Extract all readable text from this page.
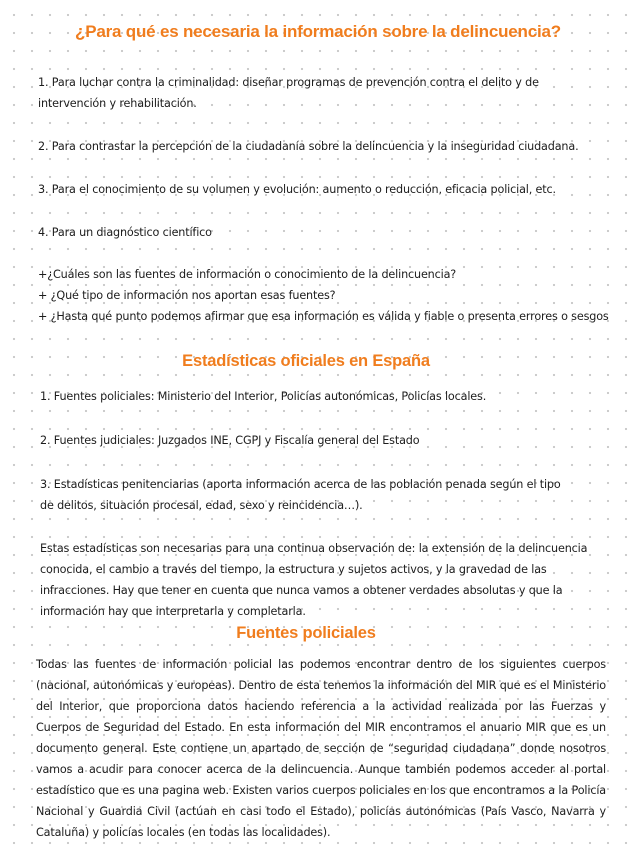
¿Para qué es necesaria la información sobre la delincuencia?

1. Para luchar contra la criminalidad: diseñar programas de prevención contra el delito y de intervención y rehabilitación.

2. Para contrastar la percepción de la ciudadanía sobre la delincuencia y la inseguridad ciudadana.

3. Para el conocimiento de su volumen y evolución: aumento o reducción, eficacia policial, etc.

4. Para un diagnóstico científico

+¿Cuáles son las fuentes de información o conocimiento de la delincuencia?
+ ¿Qué tipo de información nos aportan esas fuentes?
+ ¿Hasta qué punto podemos afirmar que esa información es válida y fiable o presenta errores o sesgos
Estadísticas oficiales en España

1. Fuentes policiales: Ministerio del Interior, Policías autonómicas, Policías locales.

2. Fuentes judiciales: Juzgados INE, CGPJ y Fiscalía general del Estado

3. Estadísticas penitenciarias (aporta información acerca de las población penada según el tipo de delitos, situación procesal, edad, sexo y reincidencia…).

Estas estadísticas son necesarias para una continua observación de: la extensión de la delincuencia conocida, el cambio a través del tiempo, la estructura y sujetos activos, y la gravedad de las infracciones. Hay que tener en cuenta que nunca vamos a obtener verdades absolutas y que la información hay que interpretarla y completarla.

Fuentes policiales

Todas las fuentes de información policial las podemos encontrar dentro de los siguientes cuerpos (nacional, autonómicas y europeas). Dentro de esta tenemos la información del MIR que es el Ministerio del Interior, que proporciona datos haciendo referencia a la actividad realizada por las Fuerzas y Cuerpos de Seguridad del Estado. En esta información del MIR encontramos el anuario MIR que es un documento general. Este contiene un apartado de sección de “seguridad ciudadana” donde nosotros vamos a acudir para conocer acerca de la delincuencia. Aunque también podemos acceder al portal estadístico que es una pagina web. Existen varios cuerpos policiales en los que encontramos a la Policía Nacional y Guardia Civil (actúan en casi todo el Estado), policías autonómicas (País Vasco, Navarra y Cataluña) y policías locales (en todas las localidades).
